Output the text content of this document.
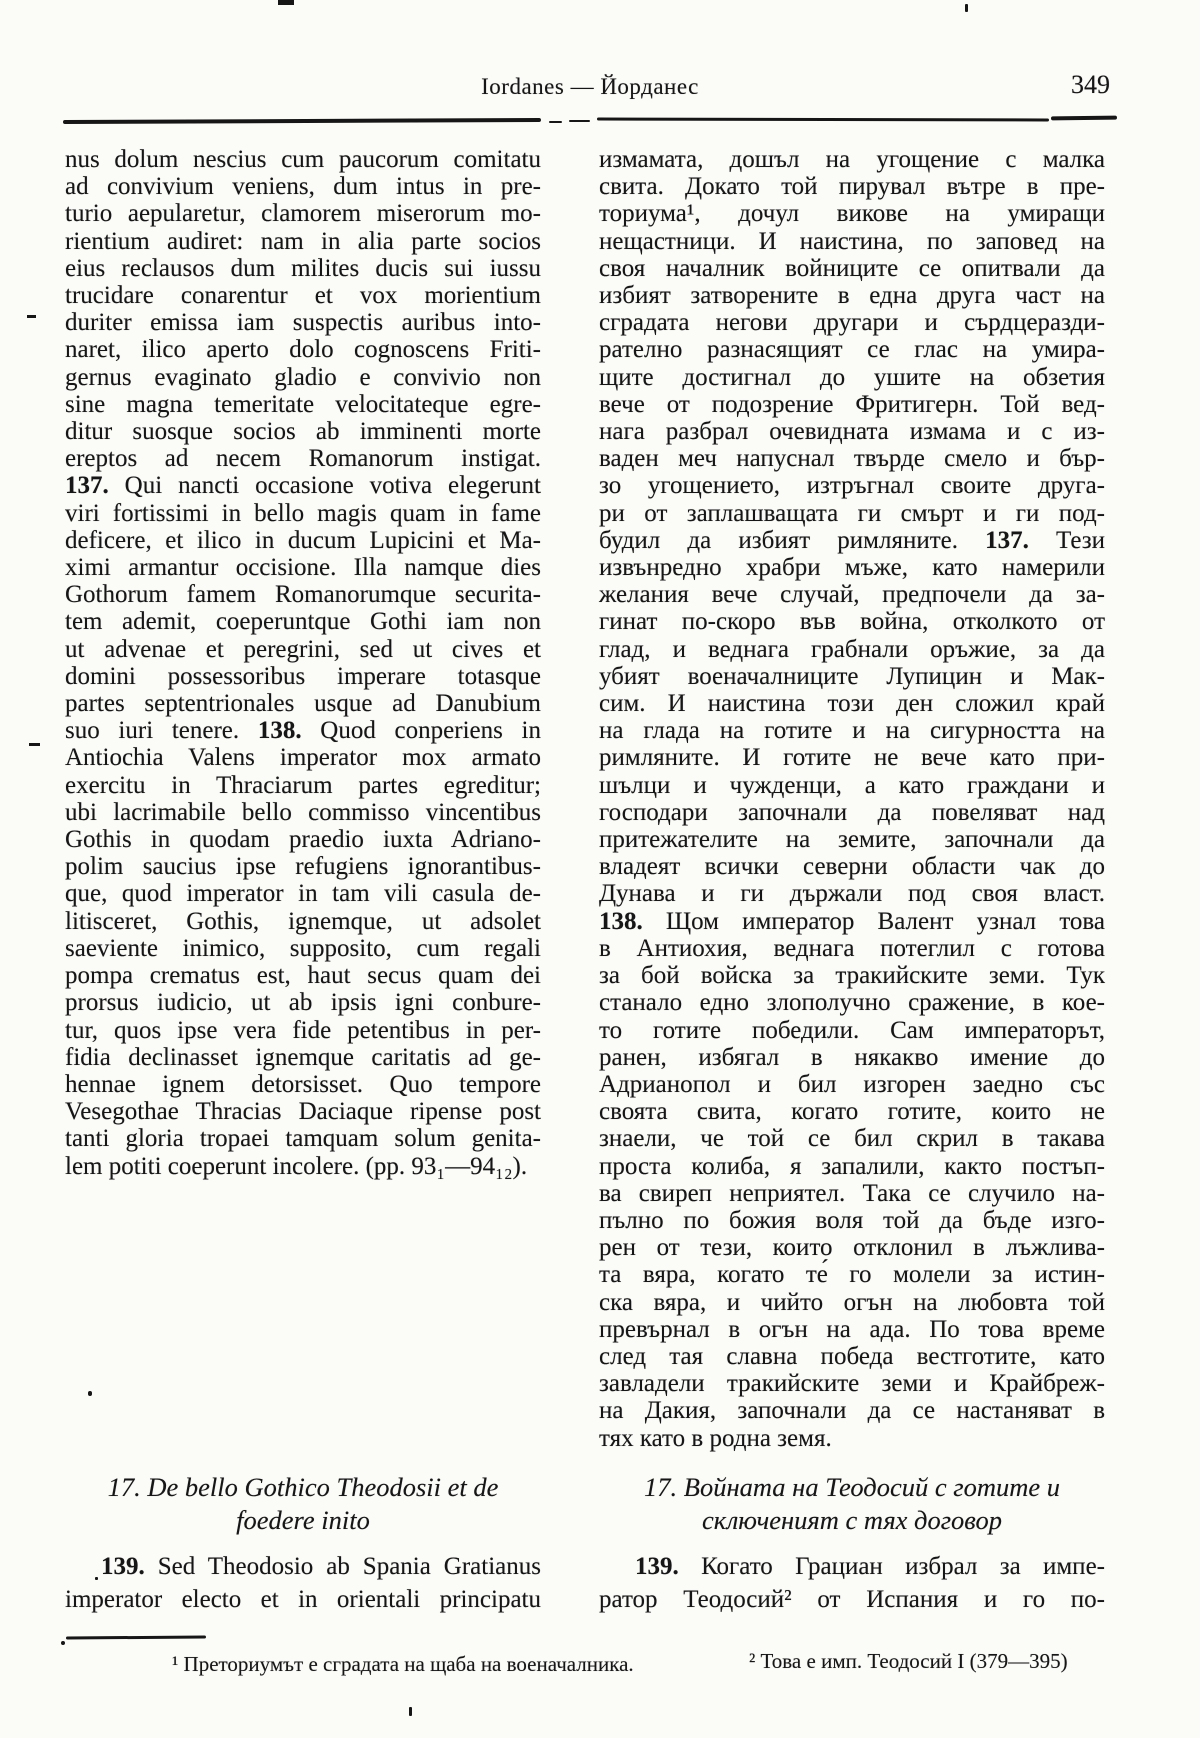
Iordanes — Йорданес	349
nus dolum nescius cum paucorum comitatu
ad convivium veniens, dum intus in pre-
turio aepularetur, clamorem miserorum mo-
rientium audiret: nam in alia parte socios
eius reclausos dum milites ducis sui iussu
trucidare conarentur et vox morientium
duriter emissa iam suspectis auribus into-
naret, ilico aperto dolo cognoscens Friti-
gernus evaginato gladio e convivio non
sine magna temeritate velocitateque egre-
ditur suosque socios ab imminenti morte
ereptos ad necem Romanorum instigat.
137. Qui nancti occasione votiva elegerunt
viri fortissimi in bello magis quam in fame
deficere, et ilico in ducum Lupicini et Ma-
ximi armantur occisione. Illa namque dies
Gothorum famem Romanorumque securita-
tem ademit, coeperuntque Gothi iam non
ut advenae et peregrini, sed ut cives et
domini possessoribus imperare totasque
partes septentrionales usque ad Danubium
suo iuri tenere. 138. Quod conperiens in
Antiochia Valens imperator mox armato
exercitu in Thraciarum partes egreditur;
ubi lacrimabile bello commisso vincentibus
Gothis in quodam praedio iuxta Adriano-
polim saucius ipse refugiens ignorantibus-
que, quod imperator in tam vili casula de-
litisceret, Gothis, ignemque, ut adsolet
saeviente inimico, supposito, cum regali
pompa crematus est, haut secus quam dei
prorsus iudicio, ut ab ipsis igni conbure-
tur, quos ipse vera fide petentibus in per-
fidia declinasset ignemque caritatis ad ge-
hennae ignem detorsisset. Quo tempore
Vesegothae Thracias Daciaque ripense post
tanti gloria tropaei tamquam solum genita-
lem potiti coeperunt incolere. (pp. 93₁—94₁₂).
измамата, дошъл на угощение с малка
свита. Докато той пирувал вътре в пре-
ториума¹, дочул викове на умиращи
нещастници. И наистина, по заповед на
своя началник войниците се опитвали да
избият затворените в една друга част на
сградата негови другари и сърдцеразди-
рателно разнасящият се глас на умира-
щите достигнал до ушите на обзетия
вече от подозрение Фритигерн. Той вед-
нага разбрал очевидната измама и с из-
ваден меч напуснал твърде смело и бър-
зо угощението, изтръгнал своите друга-
ри от заплашващата ги смърт и ги под-
будил да избият римляните. 137. Тези
извънредно храбри мъже, като намерили
желания вече случай, предпочели да за-
гинат по-скоро във война, отколкото от
глад, и веднага грабнали оръжие, за да
убият военачалниците Лупицин и Мак-
сим. И наистина този ден сложил край
на глада на готите и на сигурността на
римляните. И готите не вече като при-
шълци и чужденци, а като граждани и
господари започнали да повеляват над
притежателите на земите, започнали да
владеят всички северни области чак до
Дунава и ги държали под своя власт.
138. Щом император Валент узнал това
в Антиохия, веднага потеглил с готова
за бой войска за тракийските земи. Тук
станало едно злополучно сражение, в кое-
то готите победили. Сам императорът,
ранен, избягал в някакво имение до
Адрианопол и бил изгорен заедно със
своята свита, когато готите, които не
знаели, че той се бил скрил в такава
проста колиба, я запалили, както постъп-
ва свиреп неприятел. Така се случило на-
пълно по божия воля той да бъде изго-
рен от тези, които отклонил в лъжлива-
та вяра, когато те́ го молели за истин-
ска вяра, и чийто огън на любовта той
превърнал в огън на ада. По това време
след тая славна победа вестготите, като
завладели тракийските земи и Крайбреж-
на Дакия, започнали да се настаняват в
тях като в родна земя.
17. De bello Gothico Theodosii et de
foedere inito
17. Войната на Теодосий с готите и
сключеният с тях договор
139. Sed Theodosio ab Spania Gratianus
imperator electo et in orientali principatu
139. Когато Грациан избрал за импе-
ратор Теодосий² от Испания и го по-
¹ Преториумът е сградата на щаба на военачалника.	² Това е имп. Теодосий I (379—395)
